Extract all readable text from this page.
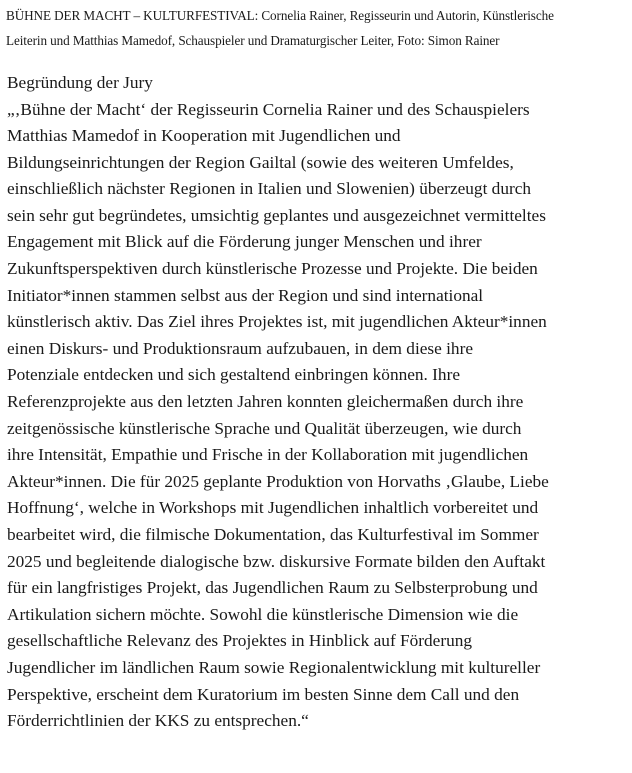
BÜHNE DER MACHT – KULTURFESTIVAL: Cornelia Rainer, Regisseurin und Autorin, Künstlerische
Leiterin und Matthias Mamedof, Schauspieler und Dramaturgischer Leiter, Foto: Simon Rainer
Begründung der Jury
„‚Bühne der Macht‘ der Regisseurin Cornelia Rainer und des Schauspielers
Matthias Mamedof in Kooperation mit Jugendlichen und
Bildungseinrichtungen der Region Gailtal (sowie des weiteren Umfeldes,
einschließlich nächster Regionen in Italien und Slowenien) überzeugt durch
sein sehr gut begründetes, umsichtig geplantes und ausgezeichnet vermitteltes
Engagement mit Blick auf die Förderung junger Menschen und ihrer
Zukunftsperspektiven durch künstlerische Prozesse und Projekte. Die beiden
Initiator*innen stammen selbst aus der Region und sind international
künstlerisch aktiv. Das Ziel ihres Projektes ist, mit jugendlichen Akteur*innen
einen Diskurs- und Produktionsraum aufzubauen, in dem diese ihre
Potenziale entdecken und sich gestaltend einbringen können. Ihre
Referenzprojekte aus den letzten Jahren konnten gleichermaßen durch ihre
zeitgenössische künstlerische Sprache und Qualität überzeugen, wie durch
ihre Intensität, Empathie und Frische in der Kollaboration mit jugendlichen
Akteur*innen. Die für 2025 geplante Produktion von Horvaths ‚Glaube, Liebe
Hoffnung‘, welche in Workshops mit Jugendlichen inhaltlich vorbereitet und
bearbeitet wird, die filmische Dokumentation, das Kulturfestival im Sommer
2025 und begleitende dialogische bzw. diskursive Formate bilden den Auftakt
für ein langfristiges Projekt, das Jugendlichen Raum zu Selbsterprobung und
Artikulation sichern möchte. Sowohl die künstlerische Dimension wie die
gesellschaftliche Relevanz des Projektes in Hinblick auf Förderung
Jugendlicher im ländlichen Raum sowie Regionalentwicklung mit kultureller
Perspektive, erscheint dem Kuratorium im besten Sinne dem Call und den
Förderrichtlinien der KKS zu entsprechen.“
